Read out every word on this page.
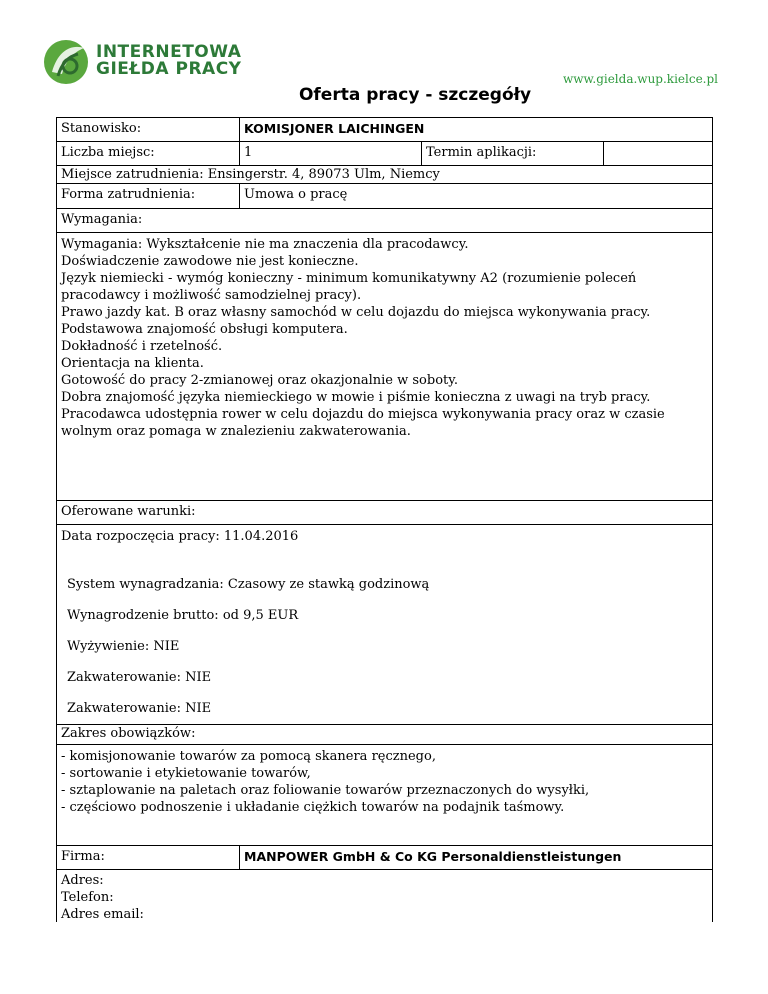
INTERNETOWA
GIEŁDA PRACY	www.gielda.wup.kielce.pl
Oferta pracy - szczegóły
Stanowisko:	KOMISJONER LAICHINGEN
Liczba miejsc:	1	Termin aplikacji:
Miejsce zatrudnienia: Ensingerstr. 4, 89073 Ulm, Niemcy
Forma zatrudnienia:	Umowa o pracę
Wymagania:
Wymagania: Wykształcenie nie ma znaczenia dla pracodawcy.
Doświadczenie zawodowe nie jest konieczne.
Język niemiecki - wymóg konieczny - minimum komunikatywny A2 (rozumienie poleceń
pracodawcy i możliwość samodzielnej pracy).
Prawo jazdy kat. B oraz własny samochód w celu dojazdu do miejsca wykonywania pracy.
Podstawowa znajomość obsługi komputera.
Dokładność i rzetelność.
Orientacja na klienta.
Gotowość do pracy 2-zmianowej oraz okazjonalnie w soboty.
Dobra znajomość języka niemieckiego w mowie i piśmie konieczna z uwagi na tryb pracy.
Pracodawca udostępnia rower w celu dojazdu do miejsca wykonywania pracy oraz w czasie
wolnym oraz pomaga w znalezieniu zakwaterowania.
Oferowane warunki:
Data rozpoczęcia pracy: 11.04.2016
System wynagradzania: Czasowy ze stawką godzinową
Wynagrodzenie brutto: od 9,5 EUR
Wyżywienie: NIE
Zakwaterowanie: NIE
Zakwaterowanie: NIE
Zakres obowiązków:
- komisjonowanie towarów za pomocą skanera ręcznego,
- sortowanie i etykietowanie towarów,
- sztaplowanie na paletach oraz foliowanie towarów przeznaczonych do wysyłki,
- częściowo podnoszenie i układanie ciężkich towarów na podajnik taśmowy.
Firma:	MANPOWER GmbH & Co KG Personaldienstleistungen
Adres:
Telefon:
Adres email:
